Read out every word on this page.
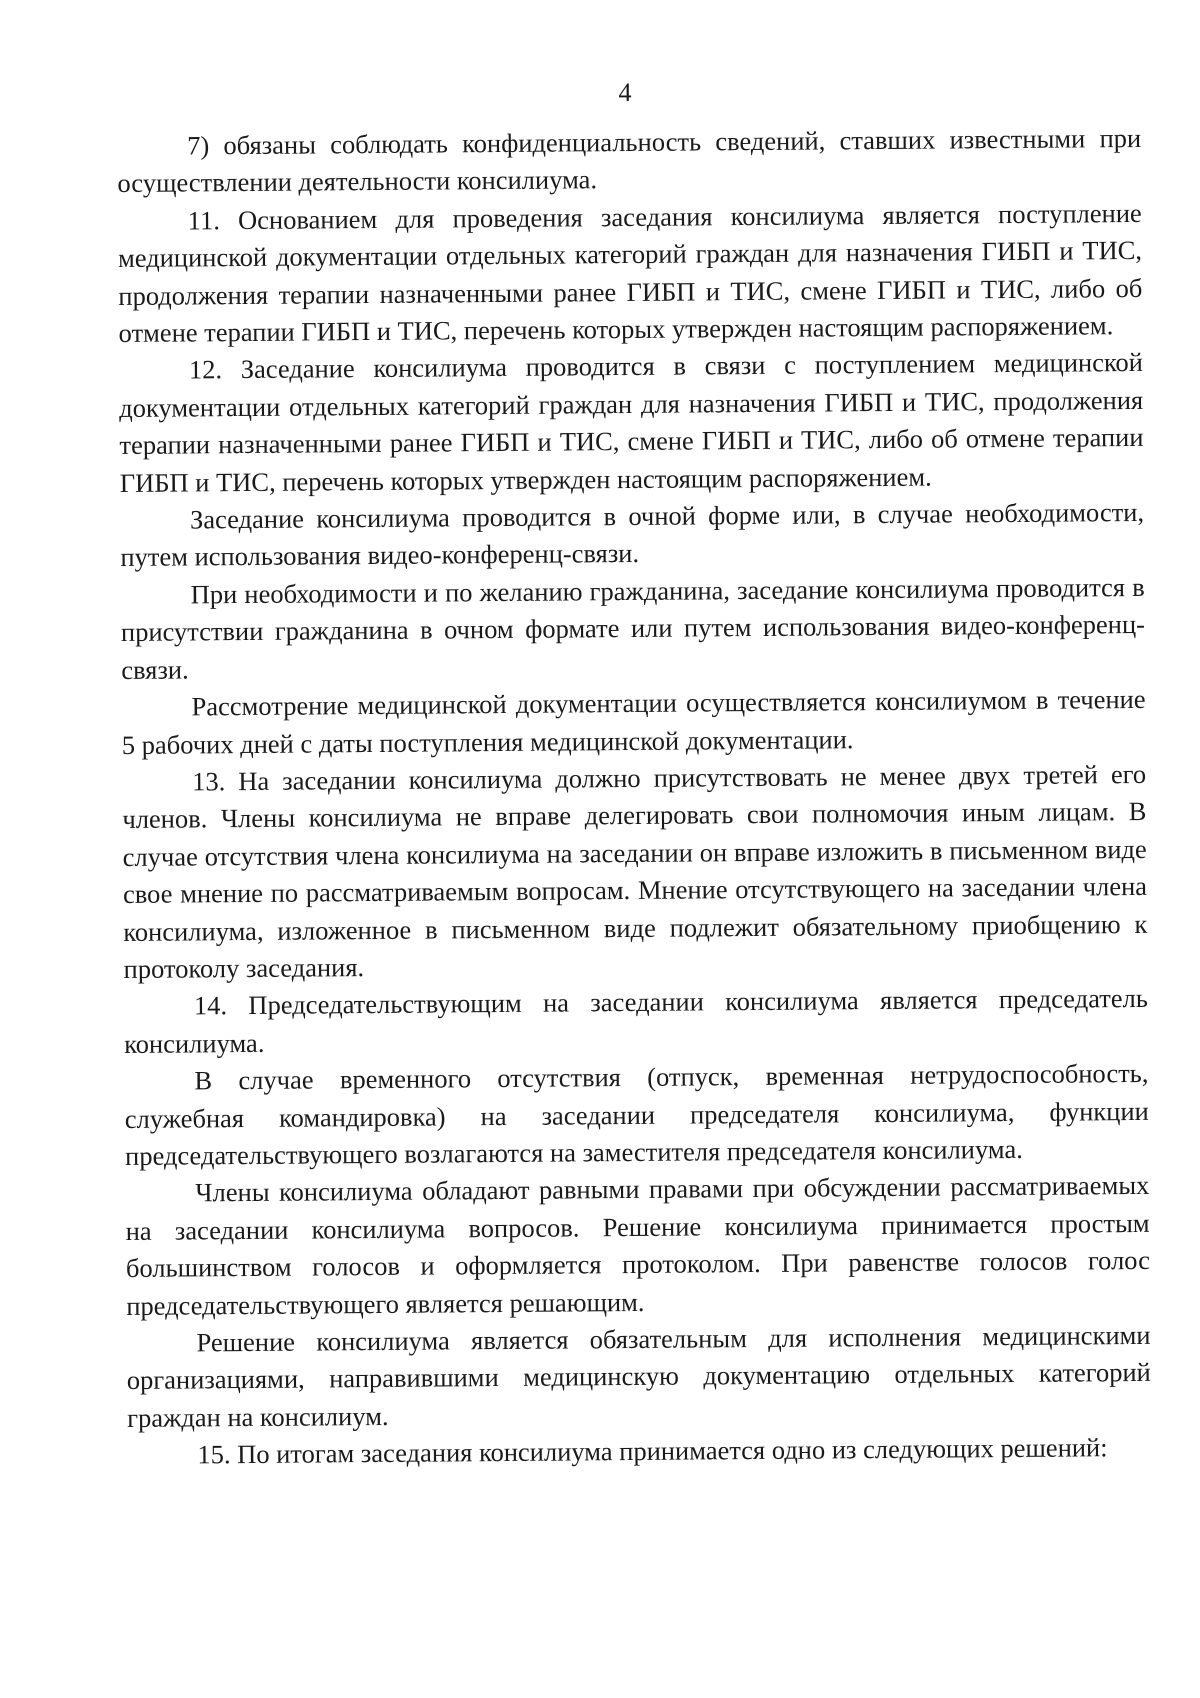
4

7) обязаны соблюдать конфиденциальность сведений, ставших известными при осуществлении деятельности консилиума.

11. Основанием для проведения заседания консилиума является поступление медицинской документации отдельных категорий граждан для назначения ГИБП и ТИС, продолжения терапии назначенными ранее ГИБП и ТИС, смене ГИБП и ТИС, либо об отмене терапии ГИБП и ТИС, перечень которых утвержден настоящим распоряжением.

12. Заседание консилиума проводится в связи с поступлением медицинской документации отдельных категорий граждан для назначения ГИБП и ТИС, продолжения терапии назначенными ранее ГИБП и ТИС, смене ГИБП и ТИС, либо об отмене терапии ГИБП и ТИС, перечень которых утвержден настоящим распоряжением.

Заседание консилиума проводится в очной форме или, в случае необходимости, путем использования видео-конференц-связи.

При необходимости и по желанию гражданина, заседание консилиума проводится в присутствии гражданина в очном формате или путем использования видео-конференц-связи.

Рассмотрение медицинской документации осуществляется консилиумом в течение 5 рабочих дней с даты поступления медицинской документации.

13. На заседании консилиума должно присутствовать не менее двух третей его членов. Члены консилиума не вправе делегировать свои полномочия иным лицам. В случае отсутствия члена консилиума на заседании он вправе изложить в письменном виде свое мнение по рассматриваемым вопросам. Мнение отсутствующего на заседании члена консилиума, изложенное в письменном виде подлежит обязательному приобщению к протоколу заседания.

14. Председательствующим на заседании консилиума является председатель консилиума.

В случае временного отсутствия (отпуск, временная нетрудоспособность, служебная командировка) на заседании председателя консилиума, функции председательствующего возлагаются на заместителя председателя консилиума.

Члены консилиума обладают равными правами при обсуждении рассматриваемых на заседании консилиума вопросов. Решение консилиума принимается простым большинством голосов и оформляется протоколом. При равенстве голосов голос председательствующего является решающим.

Решение консилиума является обязательным для исполнения медицинскими организациями, направившими медицинскую документацию отдельных категорий граждан на консилиум.

15. По итогам заседания консилиума принимается одно из следующих решений:
